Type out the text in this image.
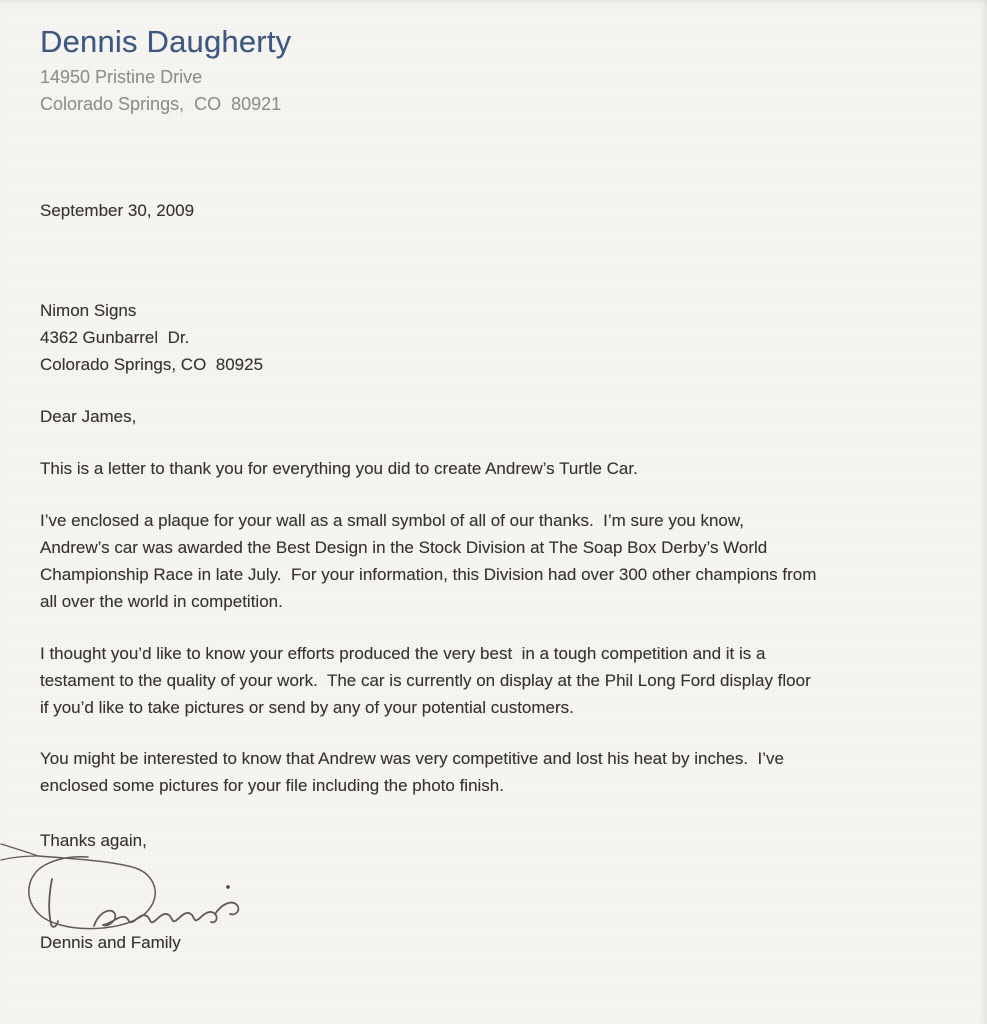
Dennis Daugherty
14950 Pristine Drive
Colorado Springs,  CO  80921
September 30, 2009
Nimon Signs
4362 Gunbarrel  Dr.
Colorado Springs, CO  80925
Dear James,
This is a letter to thank you for everything you did to create Andrew’s Turtle Car.
I’ve enclosed a plaque for your wall as a small symbol of all of our thanks.  I’m sure you know,
Andrew’s car was awarded the Best Design in the Stock Division at The Soap Box Derby’s World
Championship Race in late July.  For your information, this Division had over 300 other champions from
all over the world in competition.
I thought you’d like to know your efforts produced the very best  in a tough competition and it is a
testament to the quality of your work.  The car is currently on display at the Phil Long Ford display floor
if you’d like to take pictures or send by any of your potential customers.
You might be interested to know that Andrew was very competitive and lost his heat by inches.  I’ve
enclosed some pictures for your file including the photo finish.
Thanks again,
Dennis and Family
